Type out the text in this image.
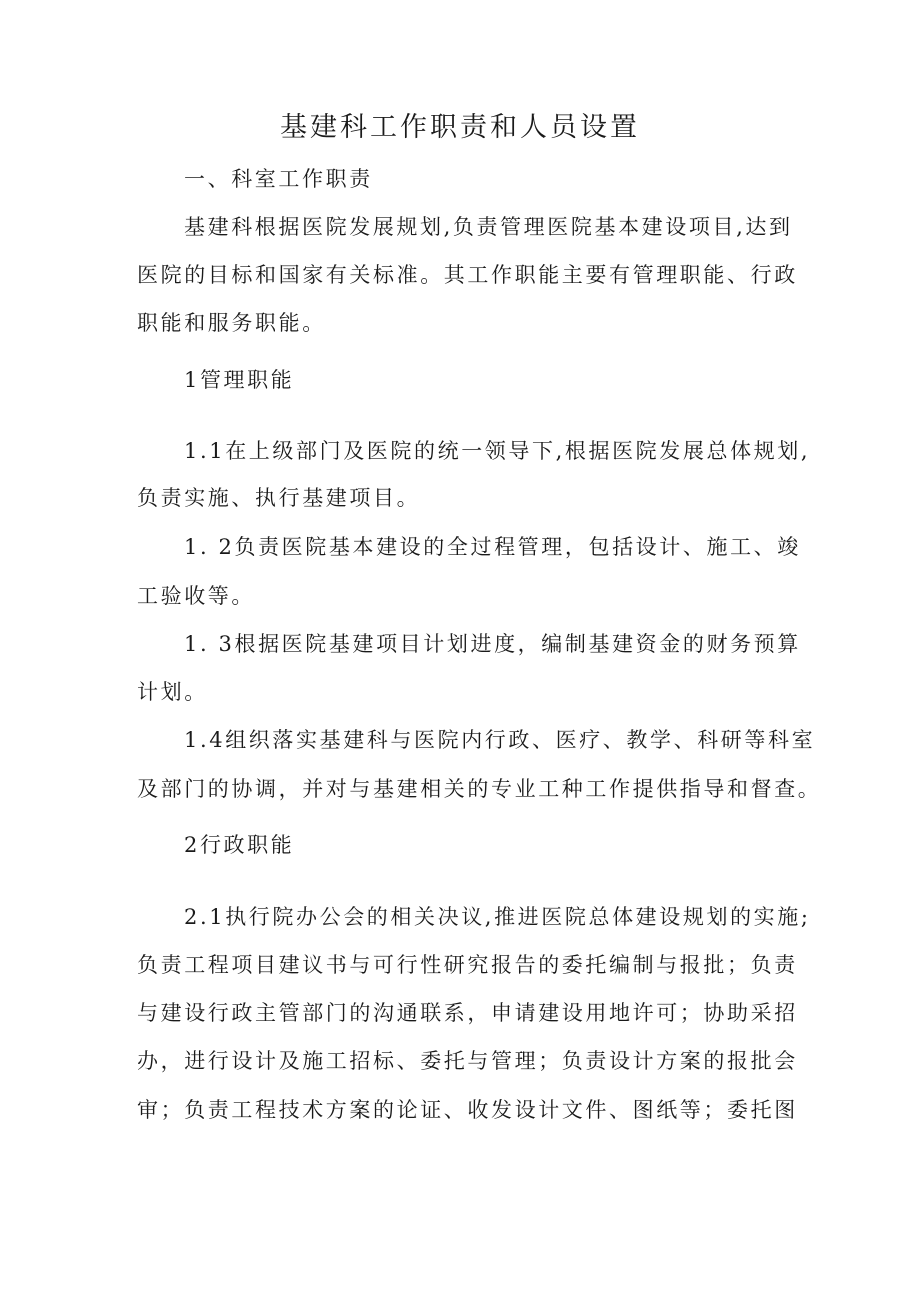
基建科工作职责和人员设置
一、科室工作职责
基建科根据医院发展规划,负责管理医院基本建设项目,达到
医院的目标和国家有关标准。其工作职能主要有管理职能、行政
职能和服务职能。
1管理职能
1.1在上级部门及医院的统一领导下,根据医院发展总体规划,
负责实施、执行基建项目。
1. 2负责医院基本建设的全过程管理，包括设计、施工、竣
工验收等。
1. 3根据医院基建项目计划进度，编制基建资金的财务预算
计划。
1.4组织落实基建科与医院内行政、医疗、教学、科研等科室
及部门的协调，并对与基建相关的专业工种工作提供指导和督查。
2行政职能
2.1执行院办公会的相关决议,推进医院总体建设规划的实施;
负责工程项目建议书与可行性研究报告的委托编制与报批；负责
与建设行政主管部门的沟通联系，申请建设用地许可；协助采招
办，进行设计及施工招标、委托与管理；负责设计方案的报批会
审；负责工程技术方案的论证、收发设计文件、图纸等；委托图
